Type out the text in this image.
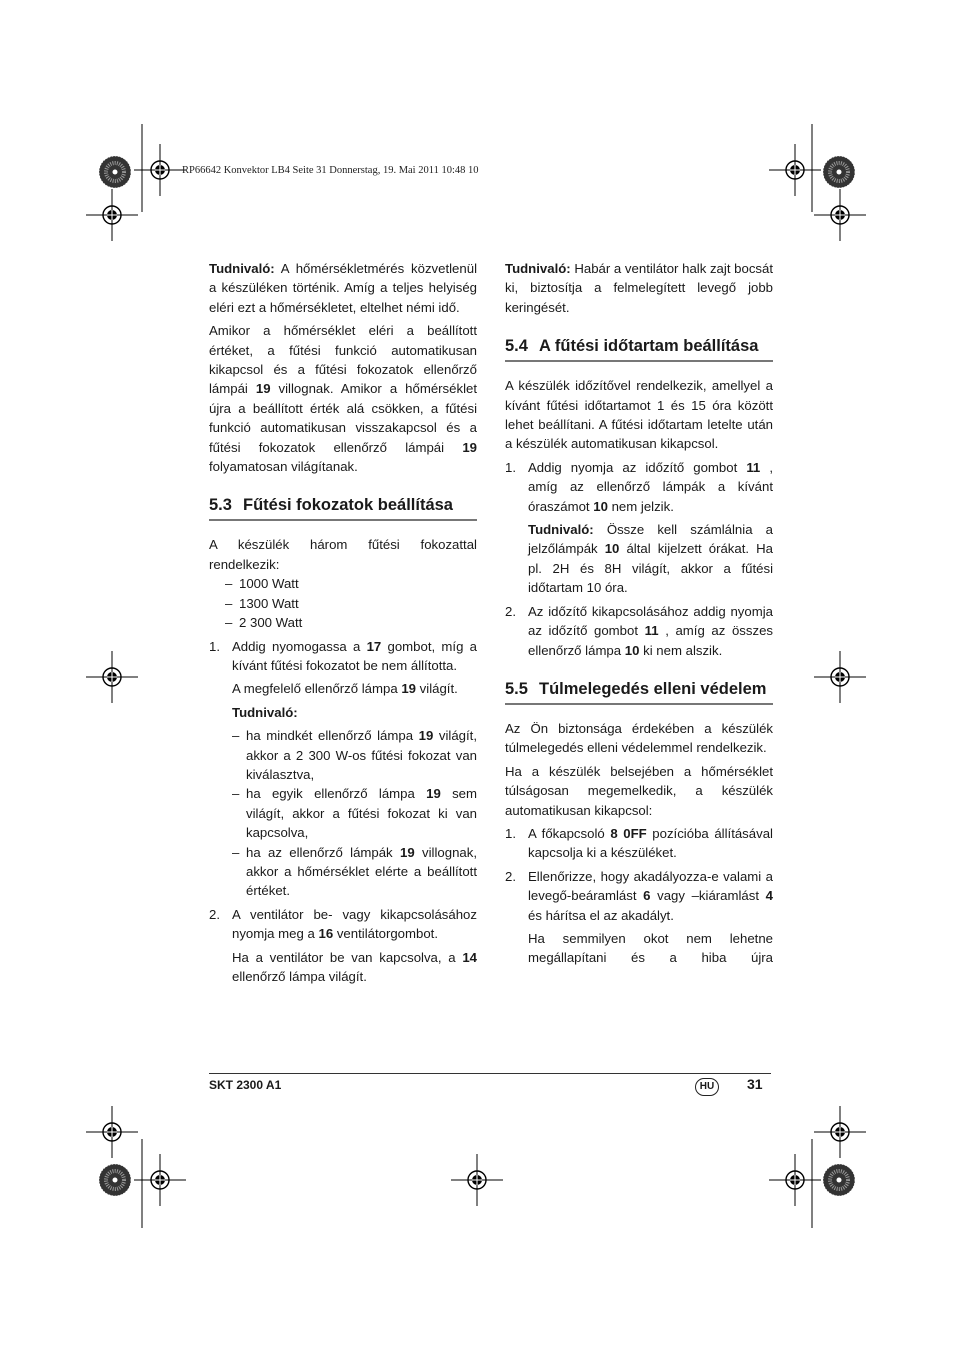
RP66642 Konvektor LB4 Seite 31 Donnerstag, 19. Mai 2011 10:48 10

Tudnivaló: A hőmérsékletmérés közvetlenül a készüléken történik. Amíg a teljes helyiség eléri ezt a hőmérsékletet, eltelhet némi idő.

Amikor a hőmérséklet eléri a beállított értéket, a fűtési funkció automatikusan kikapcsol és a fűtési fokozatok ellenőrző lámpái 19 villognak. Amikor a hőmérséklet újra a beállított érték alá csökken, a fűtési funkció automatikusan visszakapcsol és a fűtési fokozatok ellenőrző lámpái 19 folyamatosan világítanak.

5.3 Fűtési fokozatok beállítása

A készülék három fűtési fokozattal rendelkezik:

– 1000 Watt
– 1300 Watt
– 2 300 Watt
1. Addig nyomogassa a 17 gombot, míg a kívánt fűtési fokozatot be nem állította.

A megfelelő ellenőrző lámpa 19 világít.

Tudnivaló:

– ha mindkét ellenőrző lámpa 19 világít, akkor a 2 300 W-os fűtési fokozat van kiválasztva,
– ha egyik ellenőrző lámpa 19 sem világít, akkor a fűtési fokozat ki van kapcsolva,
– ha az ellenőrző lámpák 19 villognak, akkor a hőmérséklet elérte a beállított értéket.
2. A ventilátor be- vagy kikapcsolásához nyomja meg a 16 ventilátorgombot.

Ha a ventilátor be van kapcsolva, a 14 ellenőrző lámpa világít.

Tudnivaló: Habár a ventilátor halk zajt bocsát ki, biztosítja a felmelegített levegő jobb keringését.

5.4 A fűtési időtartam beállítása

A készülék időzítővel rendelkezik, amellyel a kívánt fűtési időtartamot 1 és 15 óra között lehet beállítani. A fűtési időtartam letelte után a készülék automatikusan kikapcsol.

1. Addig nyomja az időzítő gombot 11 , amíg az ellenőrző lámpák a kívánt óraszámot 10 nem jelzik.

Tudnivaló: Össze kell számlálnia a jelzőlámpák 10 által kijelzett órákat. Ha pl. 2H és 8H világít, akkor a fűtési időtartam 10 óra.

2. Az időzítő kikapcsolásához addig nyomja az időzítő gombot 11 , amíg az összes ellenőrző lámpa 10 ki nem alszik.
5.5 Túlmelegedés elleni védelem

Az Ön biztonsága érdekében a készülék túlmelegedés elleni védelemmel rendelkezik.

Ha a készülék belsejében a hőmérséklet túlságosan megemelkedik, a készülék automatikusan kikapcsol:

1. A főkapcsoló 8 0FF pozícióba állításával kapcsolja ki a készüléket.
2. Ellenőrizze, hogy akadályozza-e valami a levegő-beáramlást 6 vagy –kiáramlást 4 és hárítsa el az akadályt.

Ha semmilyen okot nem lehetne megállapítani és a hiba újra

SKT 2300 A1	HU	31
